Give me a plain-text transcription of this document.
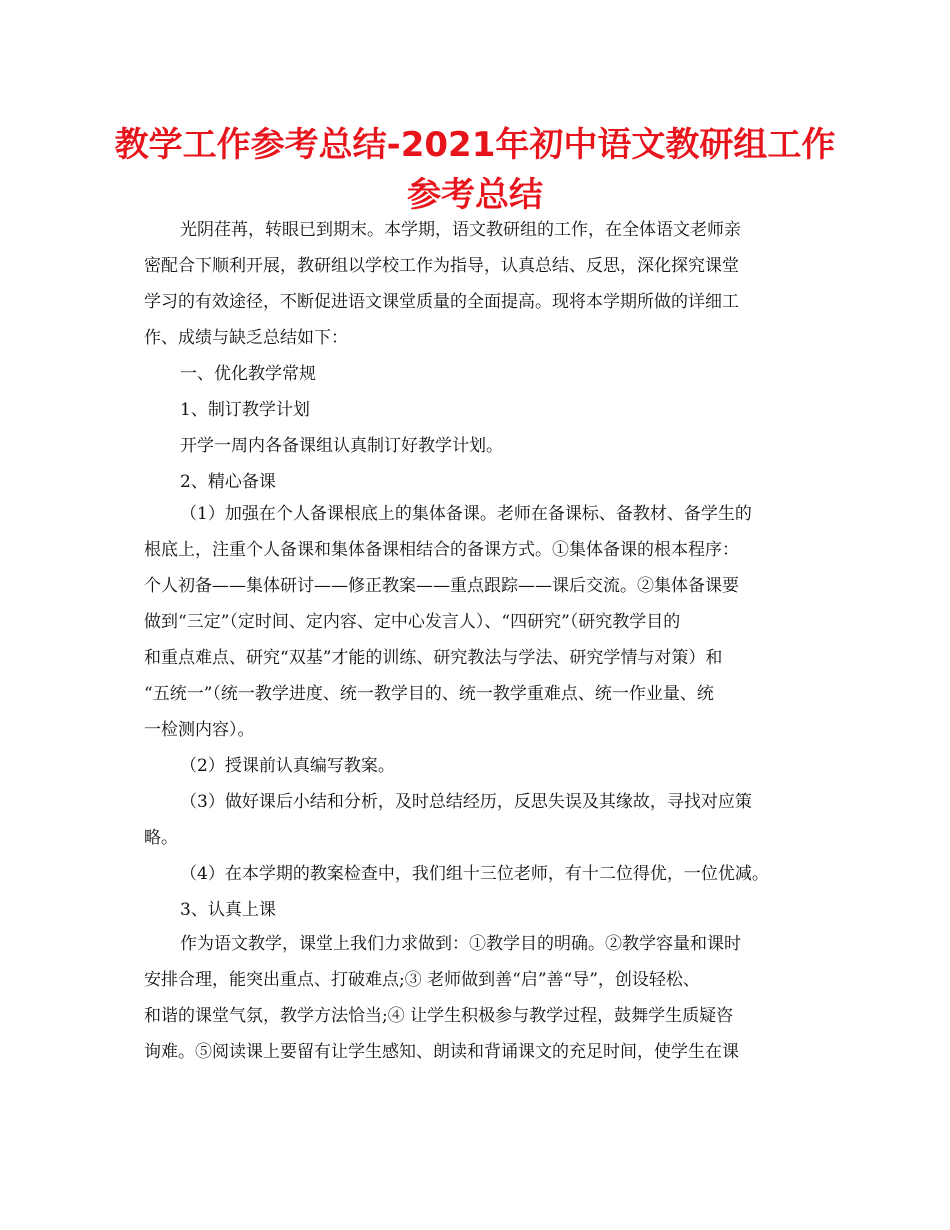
教学工作参考总结-2021年初中语文教研组工作
参考总结

光阴荏苒，转眼已到期末。本学期，语文教研组的工作，在全体语文老师亲

密配合下顺利开展，教研组以学校工作为指导，认真总结、反思，深化探究课堂

学习的有效途径，不断促进语文课堂质量的全面提高。现将本学期所做的详细工

作、成绩与缺乏总结如下：

一、优化教学常规

1、制订教学计划

开学一周内各备课组认真制订好教学计划。

2、精心备课

（1）加强在个人备课根底上的集体备课。老师在备课标、备教材、备学生的

根底上，注重个人备课和集体备课相结合的备课方式。①集体备课的根本程序：

个人初备——集体研讨——修正教案——重点跟踪——课后交流。②集体备课要

做到“三定”（定时间、定内容、定中心发言人）、“四研究”（研究教学目的

和重点难点、研究“双基”才能的训练、研究教法与学法、研究学情与对策）和

“五统一”（统一教学进度、统一教学目的、统一教学重难点、统一作业量、统

一检测内容）。

（2）授课前认真编写教案。

（3）做好课后小结和分析，及时总结经历，反思失误及其缘故，寻找对应策

略。

（4）在本学期的教案检查中，我们组十三位老师，有十二位得优，一位优减。

3、认真上课

作为语文教学，课堂上我们力求做到：①教学目的明确。②教学容量和课时

安排合理，能突出重点、打破难点;③ 老师做到善“启”善“导”，创设轻松、

和谐的课堂气氛，教学方法恰当;④ 让学生积极参与教学过程，鼓舞学生质疑咨

询难。⑤阅读课上要留有让学生感知、朗读和背诵课文的充足时间，使学生在课
